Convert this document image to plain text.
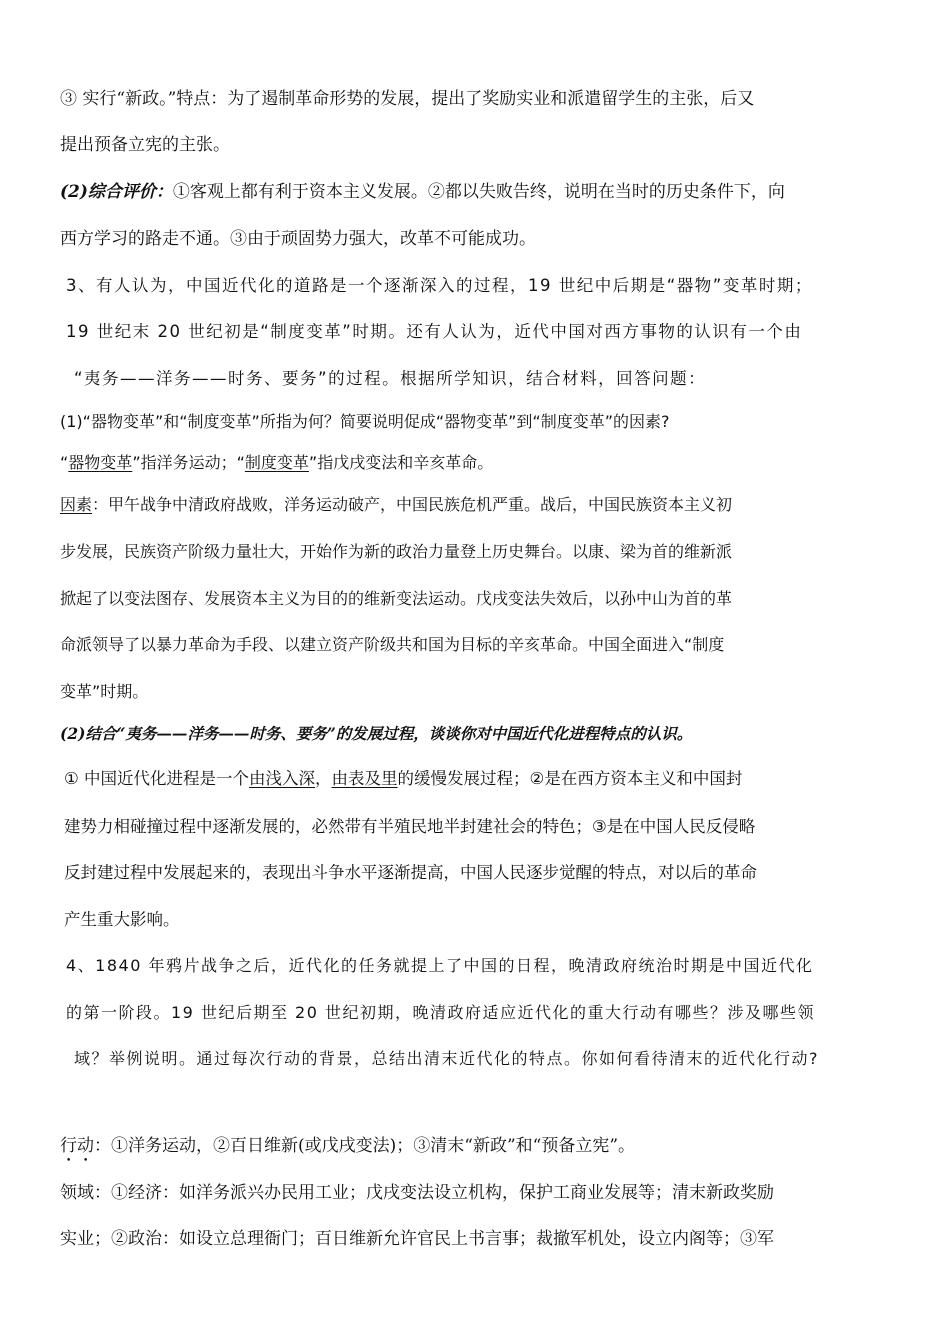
③ 实行“新政。”特点：为了遏制革命形势的发展，提出了奖励实业和派遣留学生的主张，后又
提出预备立宪的主张。
(2)综合评价：①客观上都有利于资本主义发展。②都以失败告终，说明在当时的历史条件下，向
西方学习的路走不通。③由于顽固势力强大，改革不可能成功。
3、有人认为，中国近代化的道路是一个逐渐深入的过程，19 世纪中后期是“器物”变革时期；
19 世纪末 20 世纪初是“制度变革”时期。还有人认为，近代中国对西方事物的认识有一个由
“夷务——洋务——时务、要务”的过程。根据所学知识，结合材料，回答问题：
(1)“器物变革”和“制度变革”所指为何？简要说明促成“器物变革”到“制度变革”的因素?
“器物变革”指洋务运动；“制度变革”指戊戌变法和辛亥革命。
因素：甲午战争中清政府战败，洋务运动破产，中国民族危机严重。战后，中国民族资本主义初
步发展，民族资产阶级力量壮大，开始作为新的政治力量登上历史舞台。以康、梁为首的维新派
掀起了以变法图存、发展资本主义为目的的维新变法运动。戊戌变法失效后，以孙中山为首的革
命派领导了以暴力革命为手段、以建立资产阶级共和国为目标的辛亥革命。中国全面进入“制度
变革”时期。
(2)结合“夷务——洋务——时务、要务”的发展过程，谈谈你对中国近代化进程特点的认识。
① 中国近代化进程是一个由浅入深，由表及里的缓慢发展过程；②是在西方资本主义和中国封
建势力相碰撞过程中逐渐发展的，必然带有半殖民地半封建社会的特色；③是在中国人民反侵略
反封建过程中发展起来的，表现出斗争水平逐渐提高，中国人民逐步觉醒的特点，对以后的革命
产生重大影响。
4、1840 年鸦片战争之后，近代化的任务就提上了中国的日程，晚清政府统治时期是中国近代化
的第一阶段。19 世纪后期至 20 世纪初期，晚清政府适应近代化的重大行动有哪些？涉及哪些领
域？举例说明。通过每次行动的背景，总结出清末近代化的特点。你如何看待清末的近代化行动?
行动：①洋务运动，②百日维新(或戊戌变法)；③清末“新政”和“预备立宪”。
领域：①经济：如洋务派兴办民用工业；戊戌变法设立机构，保护工商业发展等；清末新政奖励
实业；②政治：如设立总理衙门；百日维新允许官民上书言事；裁撤军机处，设立内阁等；③军
